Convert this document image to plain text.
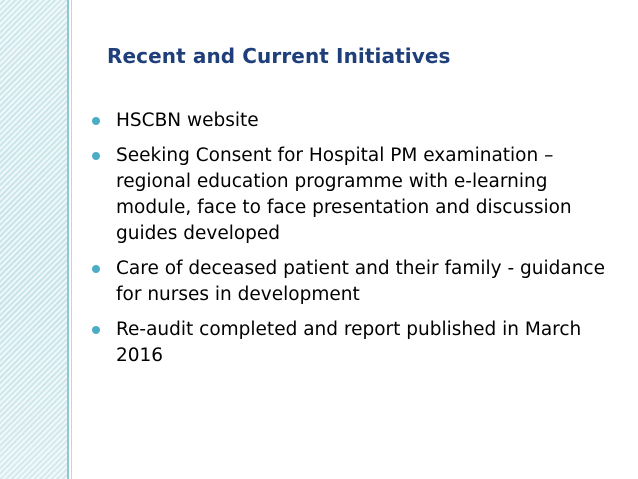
Recent and Current Initiatives
HSCBN website
Seeking Consent for Hospital PM examination – regional education programme with e-learning module, face to face presentation and discussion guides developed
Care of deceased patient and their family - guidance for nurses in development
Re-audit completed and report published in March 2016
